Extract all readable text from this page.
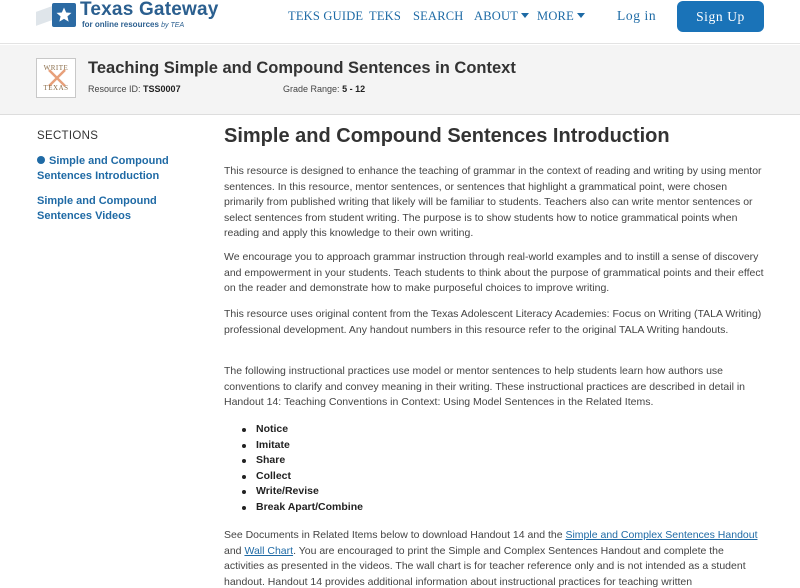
Texas Gateway
for online resources by TEA
TEKS GUIDE TEKS SEARCH ABOUT	MORE	Log in	Sign Up
WRITE
TEXAS
Teaching Simple and Compound Sentences in Context
Resource ID: TSS0007	Grade Range: 5 - 12
SECTIONS
Simple and Compound Sentences Introduction
Simple and Compound Sentences Videos
Simple and Compound Sentences Introduction

This resource is designed to enhance the teaching of grammar in the context of reading and writing by using mentor sentences. In this resource, mentor sentences, or sentences that highlight a grammatical point, were chosen primarily from published writing that likely will be familiar to students. Teachers also can write mentor sentences or select sentences from student writing. The purpose is to show students how to notice grammatical points when reading and apply this knowledge to their own writing.

We encourage you to approach grammar instruction through real-world examples and to instill a sense of discovery and empowerment in your students. Teach students to think about the purpose of grammatical points and their effect on the reader and demonstrate how to make purposeful choices to improve writing.

This resource uses original content from the Texas Adolescent Literacy Academies: Focus on Writing (TALA Writing) professional development. Any handout numbers in this resource refer to the original TALA Writing handouts.

The following instructional practices use model or mentor sentences to help students learn how authors use conventions to clarify and convey meaning in their writing. These instructional practices are described in detail in Handout 14: Teaching Conventions in Context: Using Model Sentences in the Related Items.

Notice
Imitate
Share
Collect
Write/Revise
Break Apart/Combine

See Documents in Related Items below to download Handout 14 and the Simple and Complex Sentences Handout and Wall Chart. You are encouraged to print the Simple and Complex Sentences Handout and complete the activities as presented in the videos. The wall chart is for teacher reference only and is not intended as a student handout. Handout 14 provides additional information about instructional practices for teaching written
